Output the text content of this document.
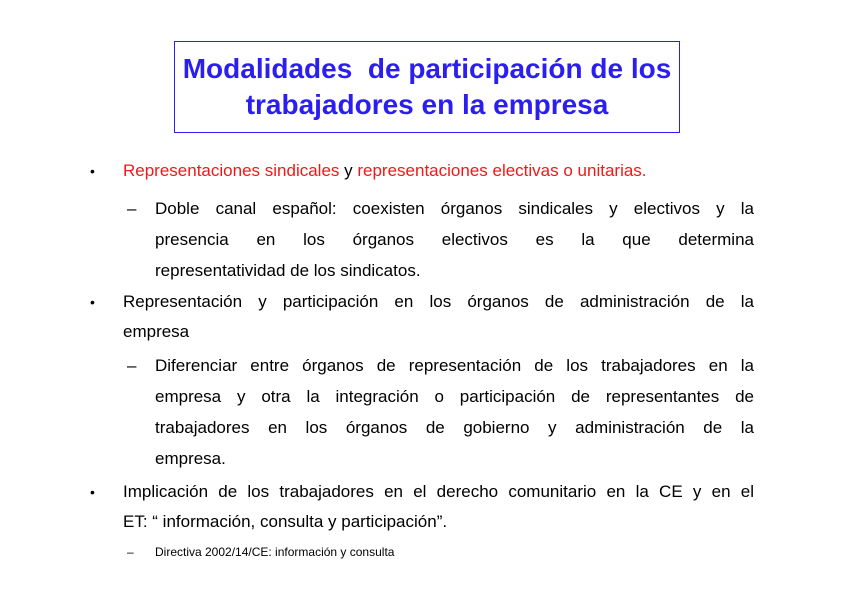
Modalidades  de participación de los
trabajadores en la empresa
•	Representaciones sindicales y representaciones electivas o unitarias.
–	Doble canal español: coexisten órganos sindicales y electivos y la
presencia en los órganos electivos es la que determina
representatividad de los sindicatos.
•	Representación y participación en los órganos de administración de la
empresa
–	Diferenciar entre órganos de representación de los trabajadores en la
empresa y otra la integración o participación de representantes de
trabajadores en los órganos de gobierno y administración de la
empresa.
•	Implicación de los trabajadores en el derecho comunitario en la CE y en el
ET: “ información, consulta y participación”.
–	Directiva 2002/14/CE: información y consulta
